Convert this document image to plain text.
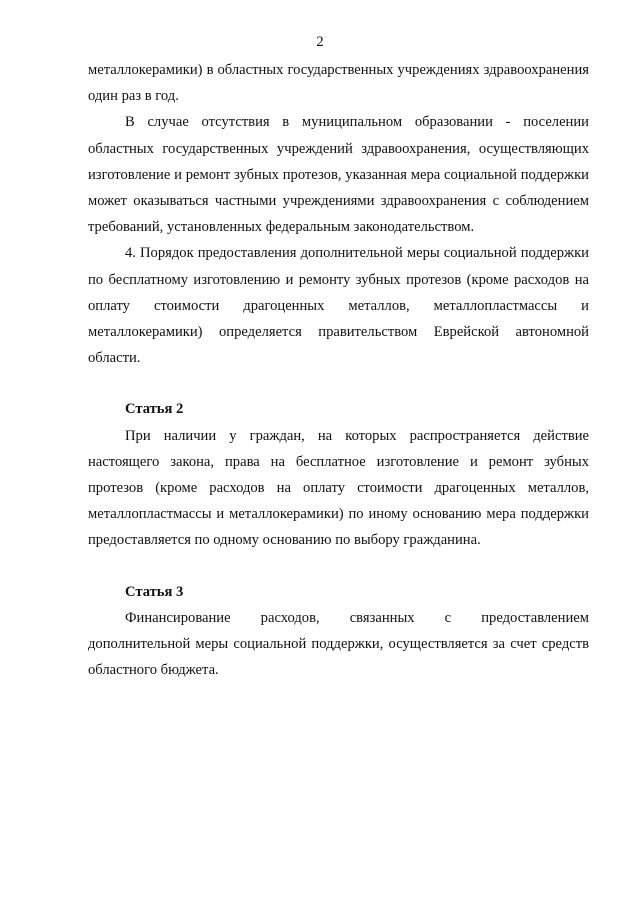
2

металлокерамики) в областных государственных учреждениях здравоохранения один раз в год.

В случае отсутствия в муниципальном образовании - поселении областных государственных учреждений здравоохранения, осуществляющих изготовление и ремонт зубных протезов, указанная мера социальной поддержки может оказываться частными учреждениями здравоохранения с соблюдением требований, установленных федеральным законодательством.

4. Порядок предоставления дополнительной меры социальной поддержки по бесплатному изготовлению и ремонту зубных протезов (кроме расходов на оплату стоимости драгоценных металлов, металлопластмассы и металлокерамики) определяется правительством Еврейской автономной области.

Статья 2

При наличии у граждан, на которых распространяется действие настоящего закона, права на бесплатное изготовление и ремонт зубных протезов (кроме расходов на оплату стоимости драгоценных металлов, металлопластмассы и металлокерамики) по иному основанию мера поддержки предоставляется по одному основанию по выбору гражданина.

Статья 3

Финансирование расходов, связанных с предоставлением дополнительной меры социальной поддержки, осуществляется за счет средств областного бюджета.
